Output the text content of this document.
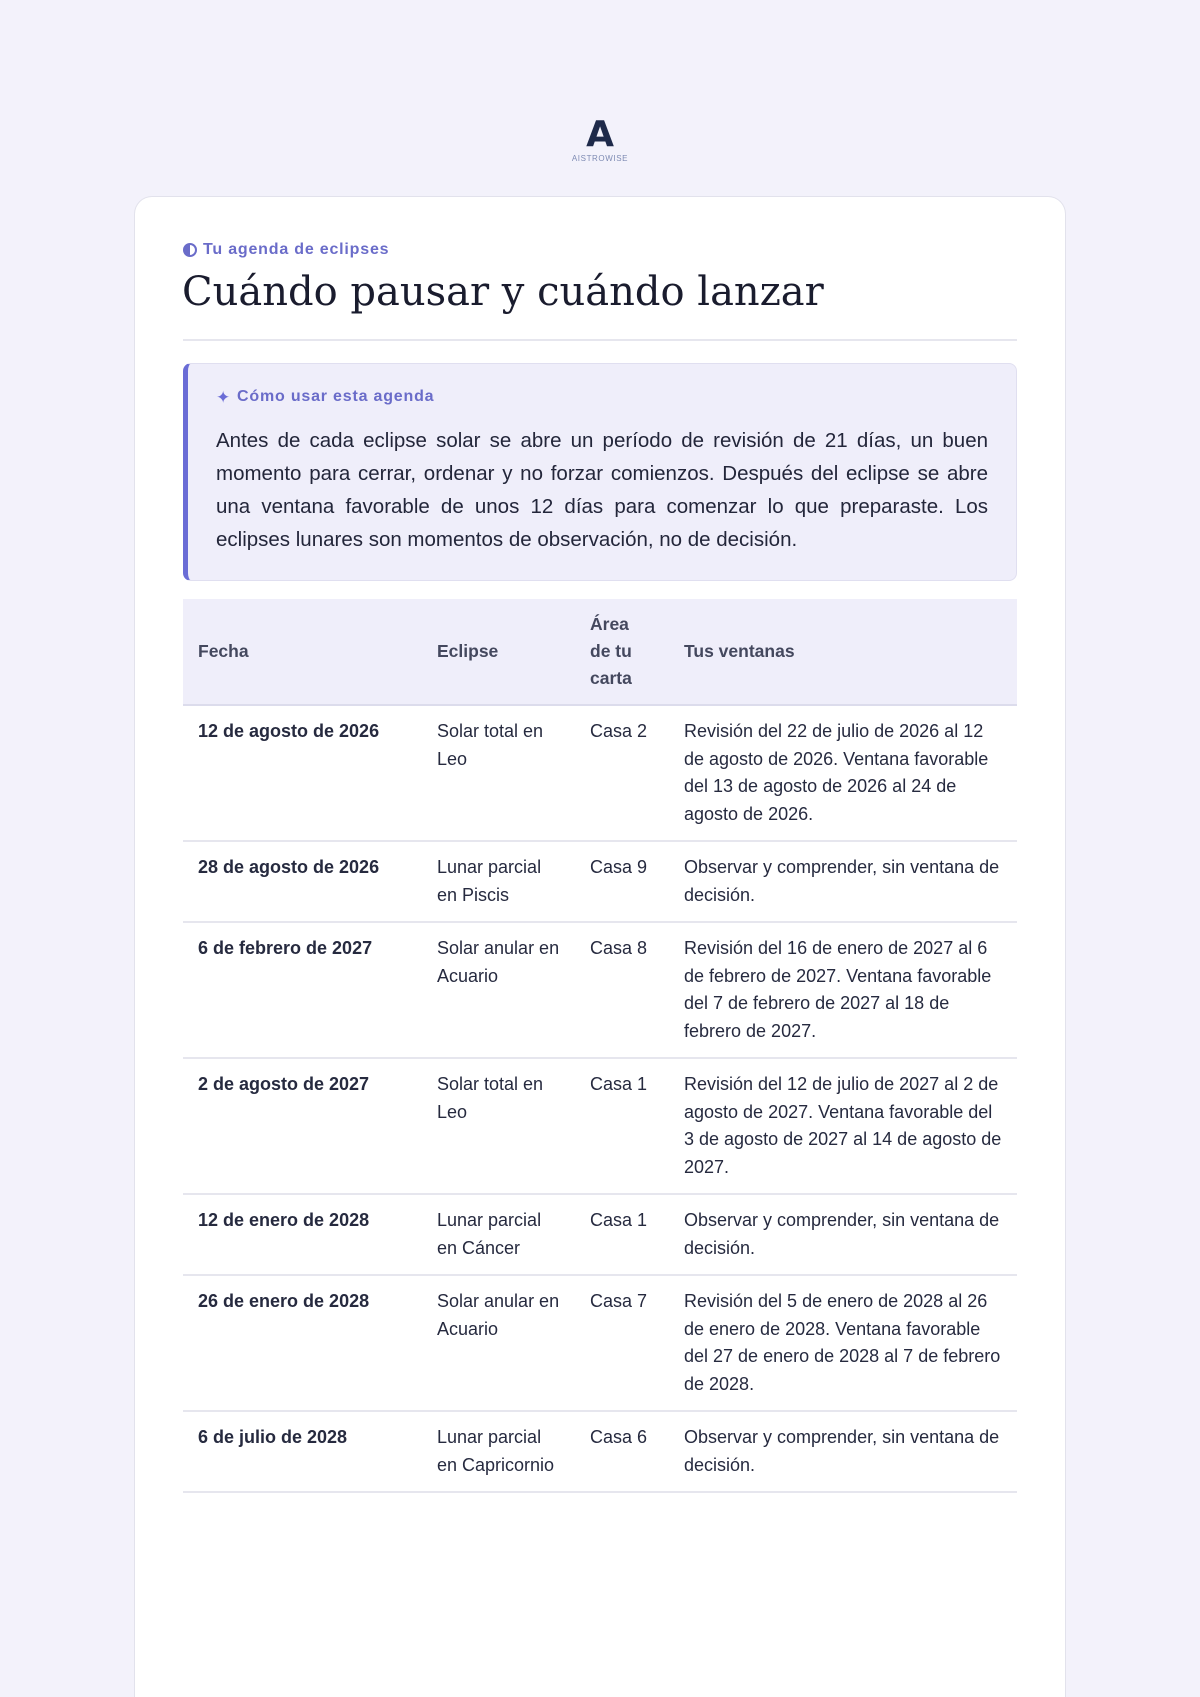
A
AISTROWISE
Tu agenda de eclipses
Cuándo pausar y cuándo lanzar
✦ Cómo usar esta agenda

Antes de cada eclipse solar se abre un período de revisión de 21 días, un buen momento para cerrar, ordenar y no forzar comienzos. Después del eclipse se abre una ventana favorable de unos 12 días para comenzar lo que preparaste. Los eclipses lunares son momentos de observación, no de decisión.

Fecha	Eclipse	Área de tu carta	Tus ventanas
12 de agosto de 2026	Solar total en Leo	Casa 2	Revisión del 22 de julio de 2026 al 12 de agosto de 2026. Ventana favorable del 13 de agosto de 2026 al 24 de agosto de 2026.
28 de agosto de 2026	Lunar parcial en Piscis	Casa 9	Observar y comprender, sin ventana de decisión.
6 de febrero de 2027	Solar anular en Acuario	Casa 8	Revisión del 16 de enero de 2027 al 6 de febrero de 2027. Ventana favorable del 7 de febrero de 2027 al 18 de febrero de 2027.
2 de agosto de 2027	Solar total en Leo	Casa 1	Revisión del 12 de julio de 2027 al 2 de agosto de 2027. Ventana favorable del 3 de agosto de 2027 al 14 de agosto de 2027.
12 de enero de 2028	Lunar parcial en Cáncer	Casa 1	Observar y comprender, sin ventana de decisión.
26 de enero de 2028	Solar anular en Acuario	Casa 7	Revisión del 5 de enero de 2028 al 26 de enero de 2028. Ventana favorable del 27 de enero de 2028 al 7 de febrero de 2028.
6 de julio de 2028	Lunar parcial en Capricornio	Casa 6	Observar y comprender, sin ventana de decisión.
